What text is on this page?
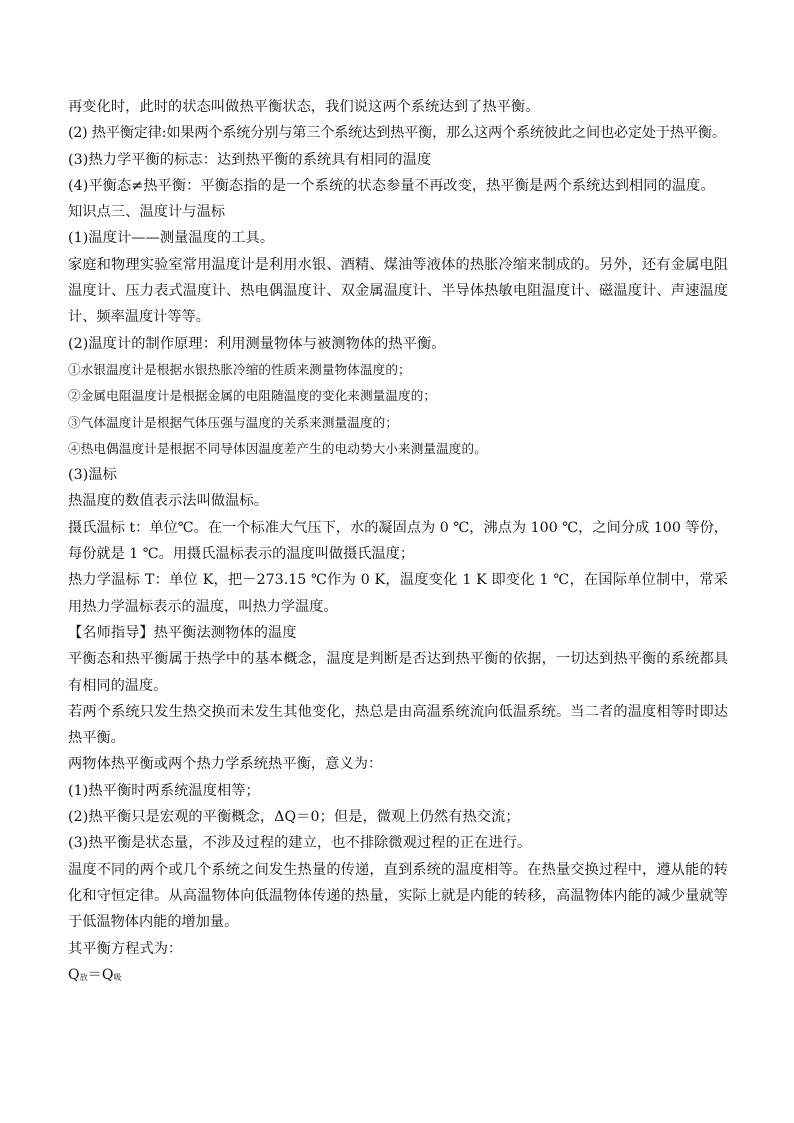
再变化时，此时的状态叫做热平衡状态，我们说这两个系统达到了热平衡。
(2) 热平衡定律:如果两个系统分别与第三个系统达到热平衡，那么这两个系统彼此之间也必定处于热平衡。
(3)热力学平衡的标志：达到热平衡的系统具有相同的温度
(4)平衡态≠热平衡：平衡态指的是一个系统的状态参量不再改变，热平衡是两个系统达到相同的温度。
知识点三、温度计与温标
(1)温度计——测量温度的工具。
家庭和物理实验室常用温度计是利用水银、酒精、煤油等液体的热胀冷缩来制成的。另外，还有金属电阻温度计、压力表式温度计、热电偶温度计、双金属温度计、半导体热敏电阻温度计、磁温度计、声速温度计、频率温度计等等。
(2)温度计的制作原理：利用测量物体与被测物体的热平衡。
①水银温度计是根据水银热胀冷缩的性质来测量物体温度的；
②金属电阻温度计是根据金属的电阻随温度的变化来测量温度的；
③气体温度计是根据气体压强与温度的关系来测量温度的；
④热电偶温度计是根据不同导体因温度差产生的电动势大小来测量温度的。
(3)温标
热温度的数值表示法叫做温标。
摄氏温标 t：单位℃。在一个标准大气压下，水的凝固点为 0 ℃，沸点为 100 ℃，之间分成 100 等份，每份就是 1 ℃。用摄氏温标表示的温度叫做摄氏温度；
热力学温标 T：单位 K，把－273.15 ℃作为 0 K，温度变化 1 K 即变化 1 ℃，在国际单位制中，常采用热力学温标表示的温度，叫热力学温度。
【名师指导】热平衡法测物体的温度
平衡态和热平衡属于热学中的基本概念，温度是判断是否达到热平衡的依据，一切达到热平衡的系统都具有相同的温度。
若两个系统只发生热交换而未发生其他变化，热总是由高温系统流向低温系统。当二者的温度相等时即达热平衡。
两物体热平衡或两个热力学系统热平衡，意义为：
(1)热平衡时两系统温度相等；
(2)热平衡只是宏观的平衡概念，ΔQ＝0；但是，微观上仍然有热交流；
(3)热平衡是状态量，不涉及过程的建立，也不排除微观过程的正在进行。
温度不同的两个或几个系统之间发生热量的传递，直到系统的温度相等。在热量交换过程中，遵从能的转化和守恒定律。从高温物体向低温物体传递的热量，实际上就是内能的转移，高温物体内能的减少量就等于低温物体内能的增加量。
其平衡方程式为：
Q放＝Q吸
